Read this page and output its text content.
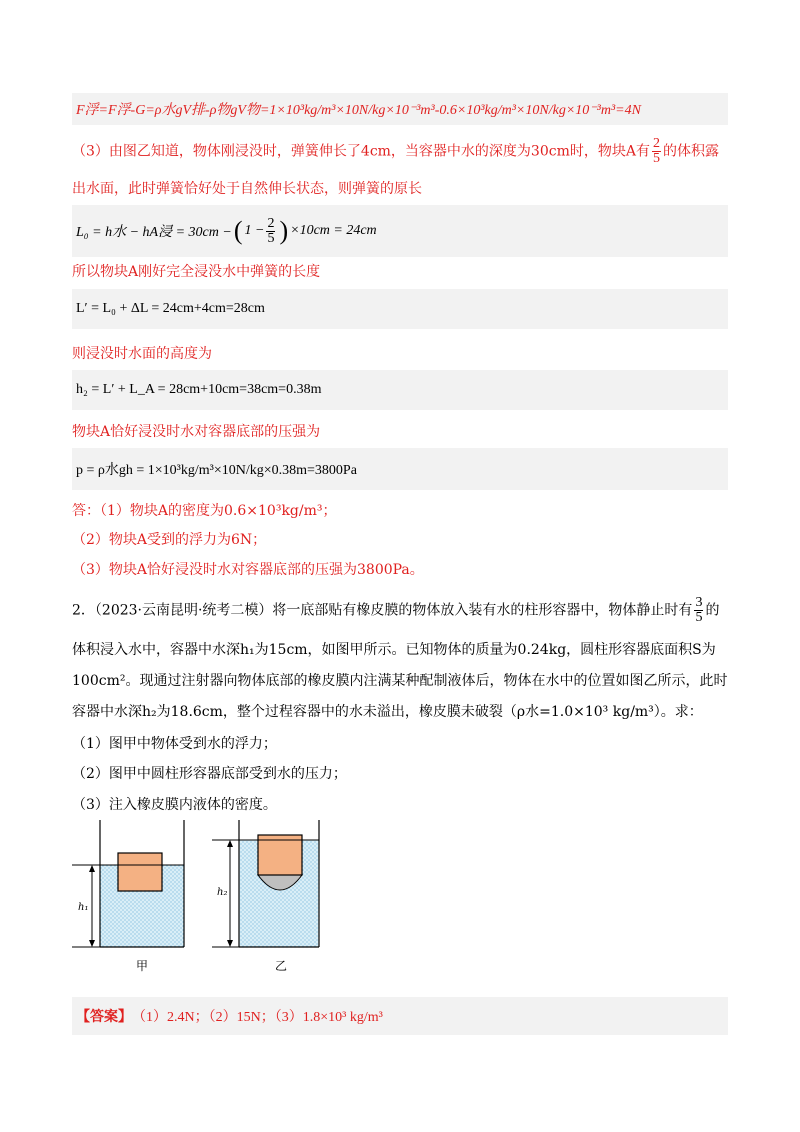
F浮=F浮-G=ρ水gV排-ρ物gV物=1×10³kg/m³×10N/kg×10⁻³m³-0.6×10³kg/m³×10N/kg×10⁻³m³=4N
（3）由图乙知道，物体刚浸没时，弹簧伸长了4cm，当容器中水的深度为30cm时，物块A有 $\frac{2}{5}$ 的体积露
出水面，此时弹簧恰好处于自然伸长状态，则弹簧的原长
L₀ = h水 − hA浸 = 30cm − ( $1 - \frac{2}{5}$ ) ×10cm = 24cm
所以物块A刚好完全浸没水中弹簧的长度
L′ = L₀ + ΔL = 24cm+4cm=28cm
则浸没时水面的高度为
h₂ = L′ + L_A = 28cm+10cm=38cm=0.38m
物块A恰好浸没时水对容器底部的压强为
p = ρ水gh = 1×10³kg/m³×10N/kg×0.38m=3800Pa
答：（1）物块A的密度为0.6×10³kg/m³；
（2）物块A受到的浮力为6N；
（3）物块A恰好浸没时水对容器底部的压强为3800Pa。
2．（2023·云南昆明·统考二模）将一底部贴有橡皮膜的物体放入装有水的柱形容器中，物体静止时有 $\frac{3}{5}$ 的
体积浸入水中，容器中水深h₁为15cm，如图甲所示。已知物体的质量为0.24kg，圆柱形容器底面积S为
100cm²。现通过注射器向物体底部的橡皮膜内注满某种配制液体后，物体在水中的位置如图乙所示，此时
容器中水深h₂为18.6cm，整个过程容器中的水未溢出，橡皮膜未破裂（ρ水=1.0×10³ kg/m³）。求：
（1）图甲中物体受到水的浮力；
（2）图甲中圆柱形容器底部受到水的压力；
（3）注入橡皮膜内液体的密度。
h₁
h₂
甲	乙
【答案】 （1）2.4N；（2）15N；（3）1.8×10³ kg/m³
